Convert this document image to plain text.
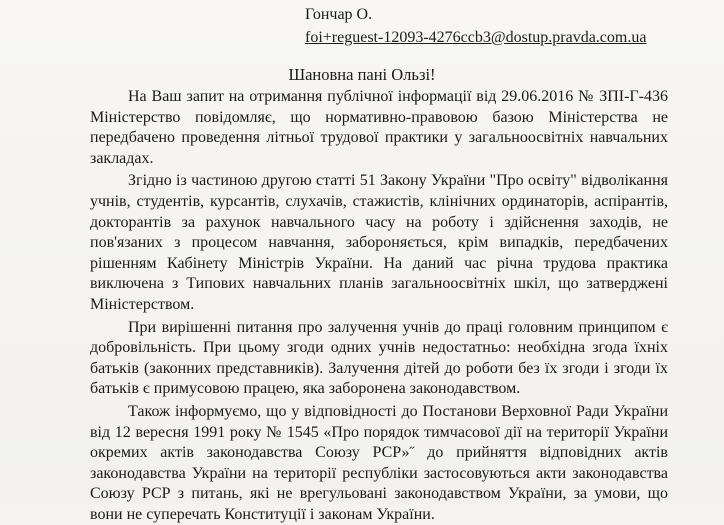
Гончар О.
foi+reguest-12093-4276ccb3@dostup.pravda.com.ua
Шановна пані Ользі!

На Ваш запит на отримання публічної інформації від 29.06.2016 № ЗПІ-Г-436 Міністерство повідомляє, що нормативно-правовою базою Міністерства не передбачено проведення літньої трудової практики у загальноосвітніх навчальних закладах.

Згідно із частиною другою статті 51 Закону України "Про освіту" відволікання учнів, студентів, курсантів, слухачів, стажистів, клінічних ординаторів, аспірантів, докторантів за рахунок навчального часу на роботу і здійснення заходів, не пов'язаних з процесом навчання, забороняється, крім випадків, передбачених рішенням Кабінету Міністрів України. На даний час річна трудова практика виключена з Типових навчальних планів загальноосвітніх шкіл, що затверджені Міністерством.

При вирішенні питання про залучення учнів до праці головним принципом є добровільність. При цьому згоди одних учнів недостатньо: необхідна згода їхніх батьків (законних представників). Залучення дітей до роботи без їх згоди і згоди їх батьків є примусовою працею, яка заборонена законодавством.

Також інформуємо, що у відповідності до Постанови Верховної Ради України від 12 вересня 1991 року № 1545 «Про порядок тимчасової дії на території України окремих актів законодавства Союзу РСР»˝ до прийняття відповідних актів законодавства України на території республіки застосовуються акти законодавства Союзу РСР з питань, які не врегульовані законодавством України, за умови, що вони не суперечать Конституції і законам України.
